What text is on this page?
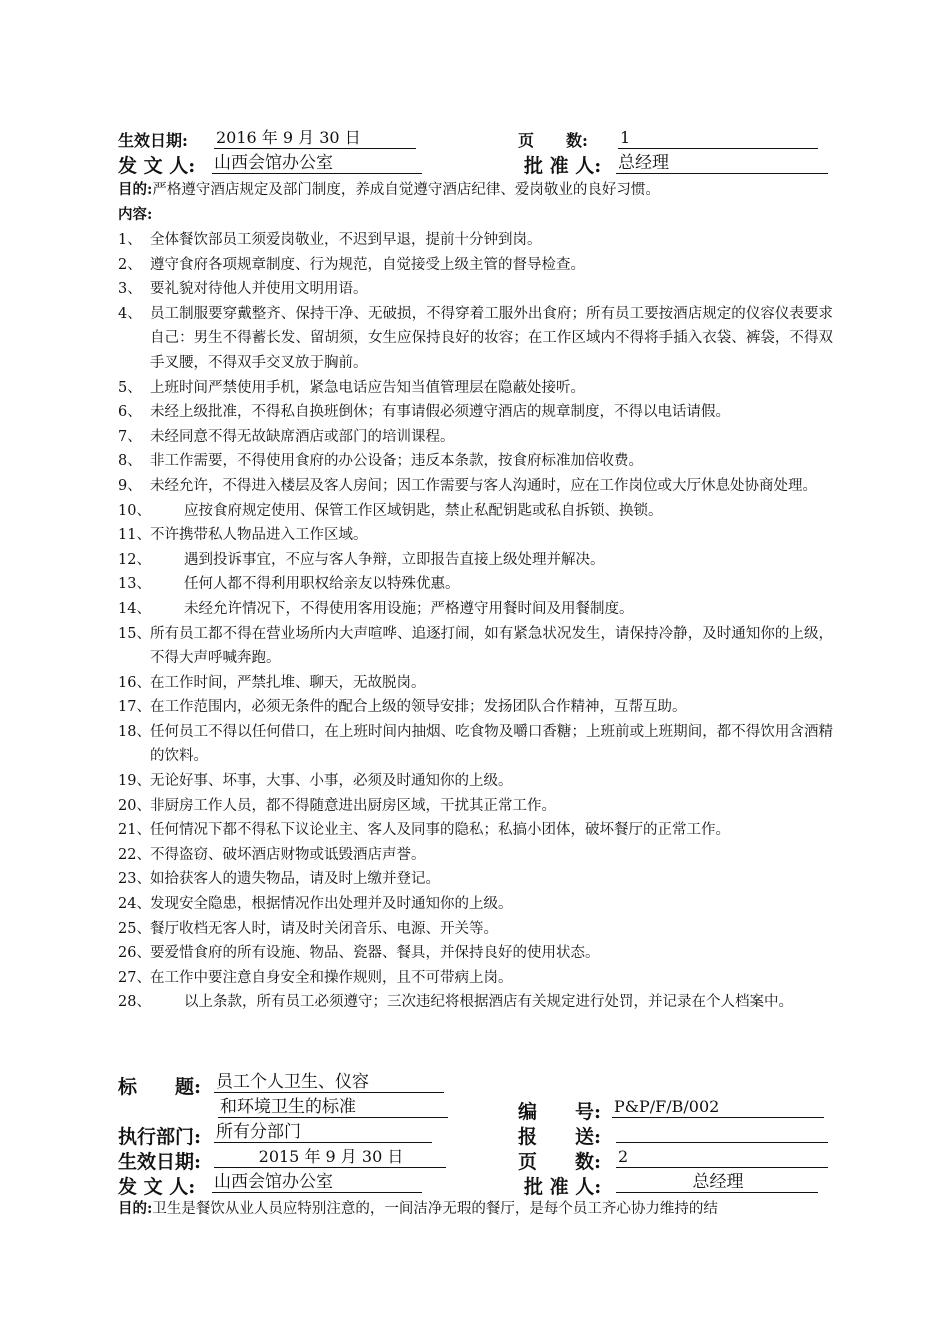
生效日期: 2016 年 9 月 30 日	页　　数: 1
发 文 人: 山西会馆办公室	批 准 人: 总经理
目的:严格遵守酒店规定及部门制度，养成自觉遵守酒店纪律、爱岗敬业的良好习惯。
内容:
1、 全体餐饮部员工须爱岗敬业，不迟到早退，提前十分钟到岗。
2、 遵守食府各项规章制度、行为规范，自觉接受上级主管的督导检查。
3、 要礼貌对待他人并使用文明用语。
4、 员工制服要穿戴整齐、保持干净、无破损，不得穿着工服外出食府；所有员工要按酒店规定的仪容仪表要求自己：男生不得蓄长发、留胡须，女生应保持良好的妆容；在工作区域内不得将手插入衣袋、裤袋，不得双手叉腰，不得双手交叉放于胸前。
5、 上班时间严禁使用手机，紧急电话应告知当值管理层在隐蔽处接听。
6、 未经上级批准，不得私自换班倒休；有事请假必须遵守酒店的规章制度，不得以电话请假。
7、 未经同意不得无故缺席酒店或部门的培训课程。
8、 非工作需要，不得使用食府的办公设备；违反本条款，按食府标准加倍收费。
9、 未经允许，不得进入楼层及客人房间；因工作需要与客人沟通时，应在工作岗位或大厅休息处协商处理。
10、 应按食府规定使用、保管工作区域钥匙，禁止私配钥匙或私自拆锁、换锁。
11、 不许携带私人物品进入工作区域。
12、 遇到投诉事宜，不应与客人争辩，立即报告直接上级处理并解决。
13、 任何人都不得利用职权给亲友以特殊优惠。
14、 未经允许情况下，不得使用客用设施；严格遵守用餐时间及用餐制度。
15、 所有员工都不得在营业场所内大声喧哗、追逐打闹，如有紧急状况发生，请保持冷静，及时通知你的上级，不得大声呼喊奔跑。
16、 在工作时间，严禁扎堆、聊天，无故脱岗。
17、 在工作范围内，必须无条件的配合上级的领导安排；发扬团队合作精神，互帮互助。
18、 任何员工不得以任何借口，在上班时间内抽烟、吃食物及嚼口香糖；上班前或上班期间，都不得饮用含酒精的饮料。
19、 无论好事、坏事，大事、小事，必须及时通知你的上级。
20、 非厨房工作人员，都不得随意进出厨房区域，干扰其正常工作。
21、 任何情况下都不得私下议论业主、客人及同事的隐私；私搞小团体，破坏餐厅的正常工作。
22、 不得盗窃、破坏酒店财物或诋毁酒店声誉。
23、 如拾获客人的遗失物品，请及时上缴并登记。
24、 发现安全隐患，根据情况作出处理并及时通知你的上级。
25、 餐厅收档无客人时，请及时关闭音乐、电源、开关等。
26、 要爱惜食府的所有设施、物品、瓷器、餐具，并保持良好的使用状态。
27、 在工作中要注意自身安全和操作规则，且不可带病上岗。
28、 以上条款，所有员工必须遵守；三次违纪将根据酒店有关规定进行处罚，并记录在个人档案中。
标　　题: 员工个人卫生、仪容
和环境卫生的标准	编　　号: P&P/F/B/002
执行部门: 所有分部门	报　　送:
生效日期:	2015 年 9 月 30 日	页　　数: 2
发 文 人: 山西会馆办公室	批 准 人:	总经理
目的:卫生是餐饮从业人员应特别注意的，一间洁净无瑕的餐厅，是每个员工齐心协力维持的结
